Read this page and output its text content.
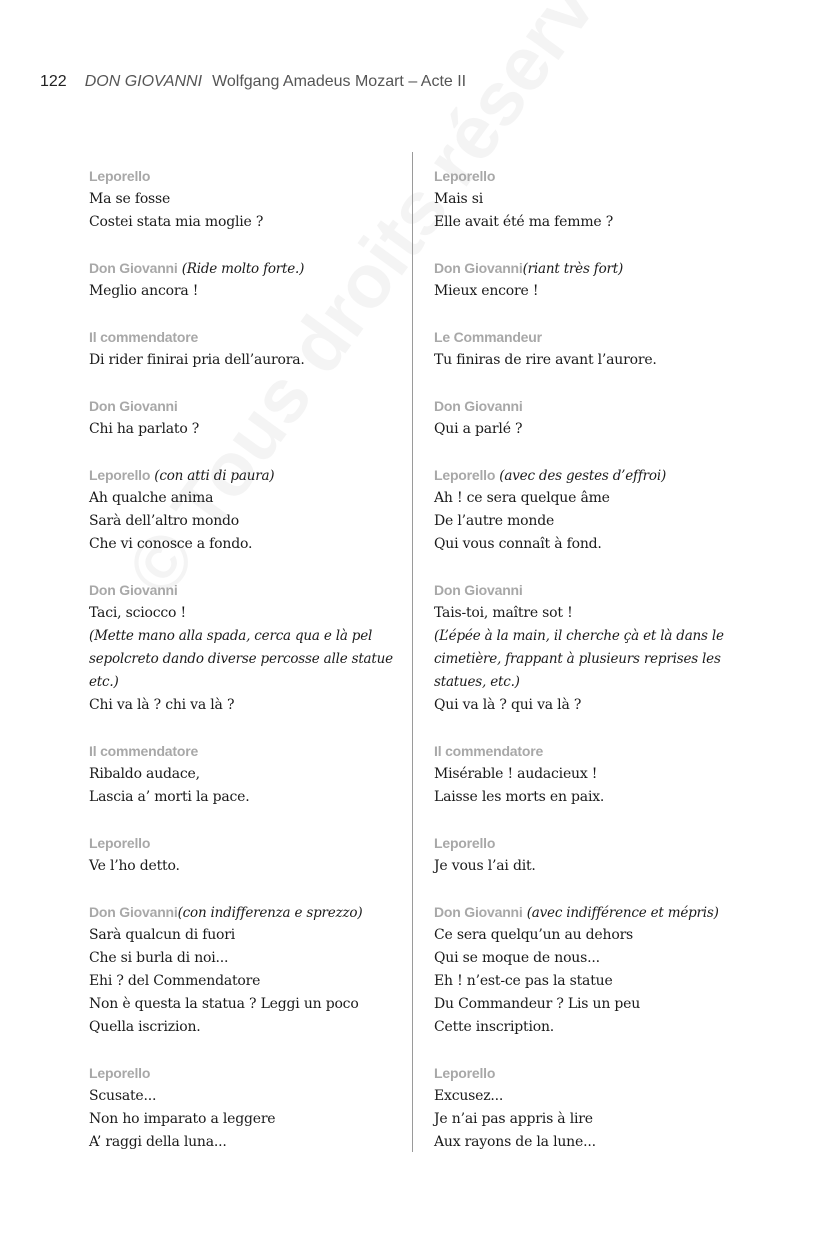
122 DON GIOVANNI Wolfgang Amadeus Mozart – Acte II
Leporello
Ma se fosse
Costei stata mia moglie ?
Don Giovanni (Ride molto forte.)
Meglio ancora !
Il commendatore
Di rider finirai pria dell’aurora.
Don Giovanni
Chi ha parlato ?
Leporello (con atti di paura)
Ah qualche anima
Sarà dell’altro mondo
Che vi conosce a fondo.
Don Giovanni
Taci, sciocco !
(Mette mano alla spada, cerca qua e là pel
sepolcreto dando diverse percosse alle statue
etc.)
Chi va là ? chi va là ?
Il commendatore
Ribaldo audace,
Lascia a’ morti la pace.
Leporello
Ve l’ho detto.
Don Giovanni(con indifferenza e sprezzo)
Sarà qualcun di fuori
Che si burla di noi...
Ehi ? del Commendatore
Non è questa la statua ? Leggi un poco
Quella iscrizion.
Leporello
Scusate...
Non ho imparato a leggere
A’ raggi della luna...
Leporello
Mais si
Elle avait été ma femme ?
Don Giovanni(riant très fort)
Mieux encore !
Le Commandeur
Tu finiras de rire avant l’aurore.
Don Giovanni
Qui a parlé ?
Leporello (avec des gestes d’effroi)
Ah ! ce sera quelque âme
De l’autre monde
Qui vous connaît à fond.
Don Giovanni
Tais-toi, maître sot !
(L’épée à la main, il cherche çà et là dans le
cimetière, frappant à plusieurs reprises les
statues, etc.)
Qui va là ? qui va là ?
Il commendatore
Misérable ! audacieux !
Laisse les morts en paix.
Leporello
Je vous l’ai dit.
Don Giovanni (avec indifférence et mépris)
Ce sera quelqu’un au dehors
Qui se moque de nous...
Eh ! n’est-ce pas la statue
Du Commandeur ? Lis un peu
Cette inscription.
Leporello
Excusez...
Je n’ai pas appris à lire
Aux rayons de la lune...
